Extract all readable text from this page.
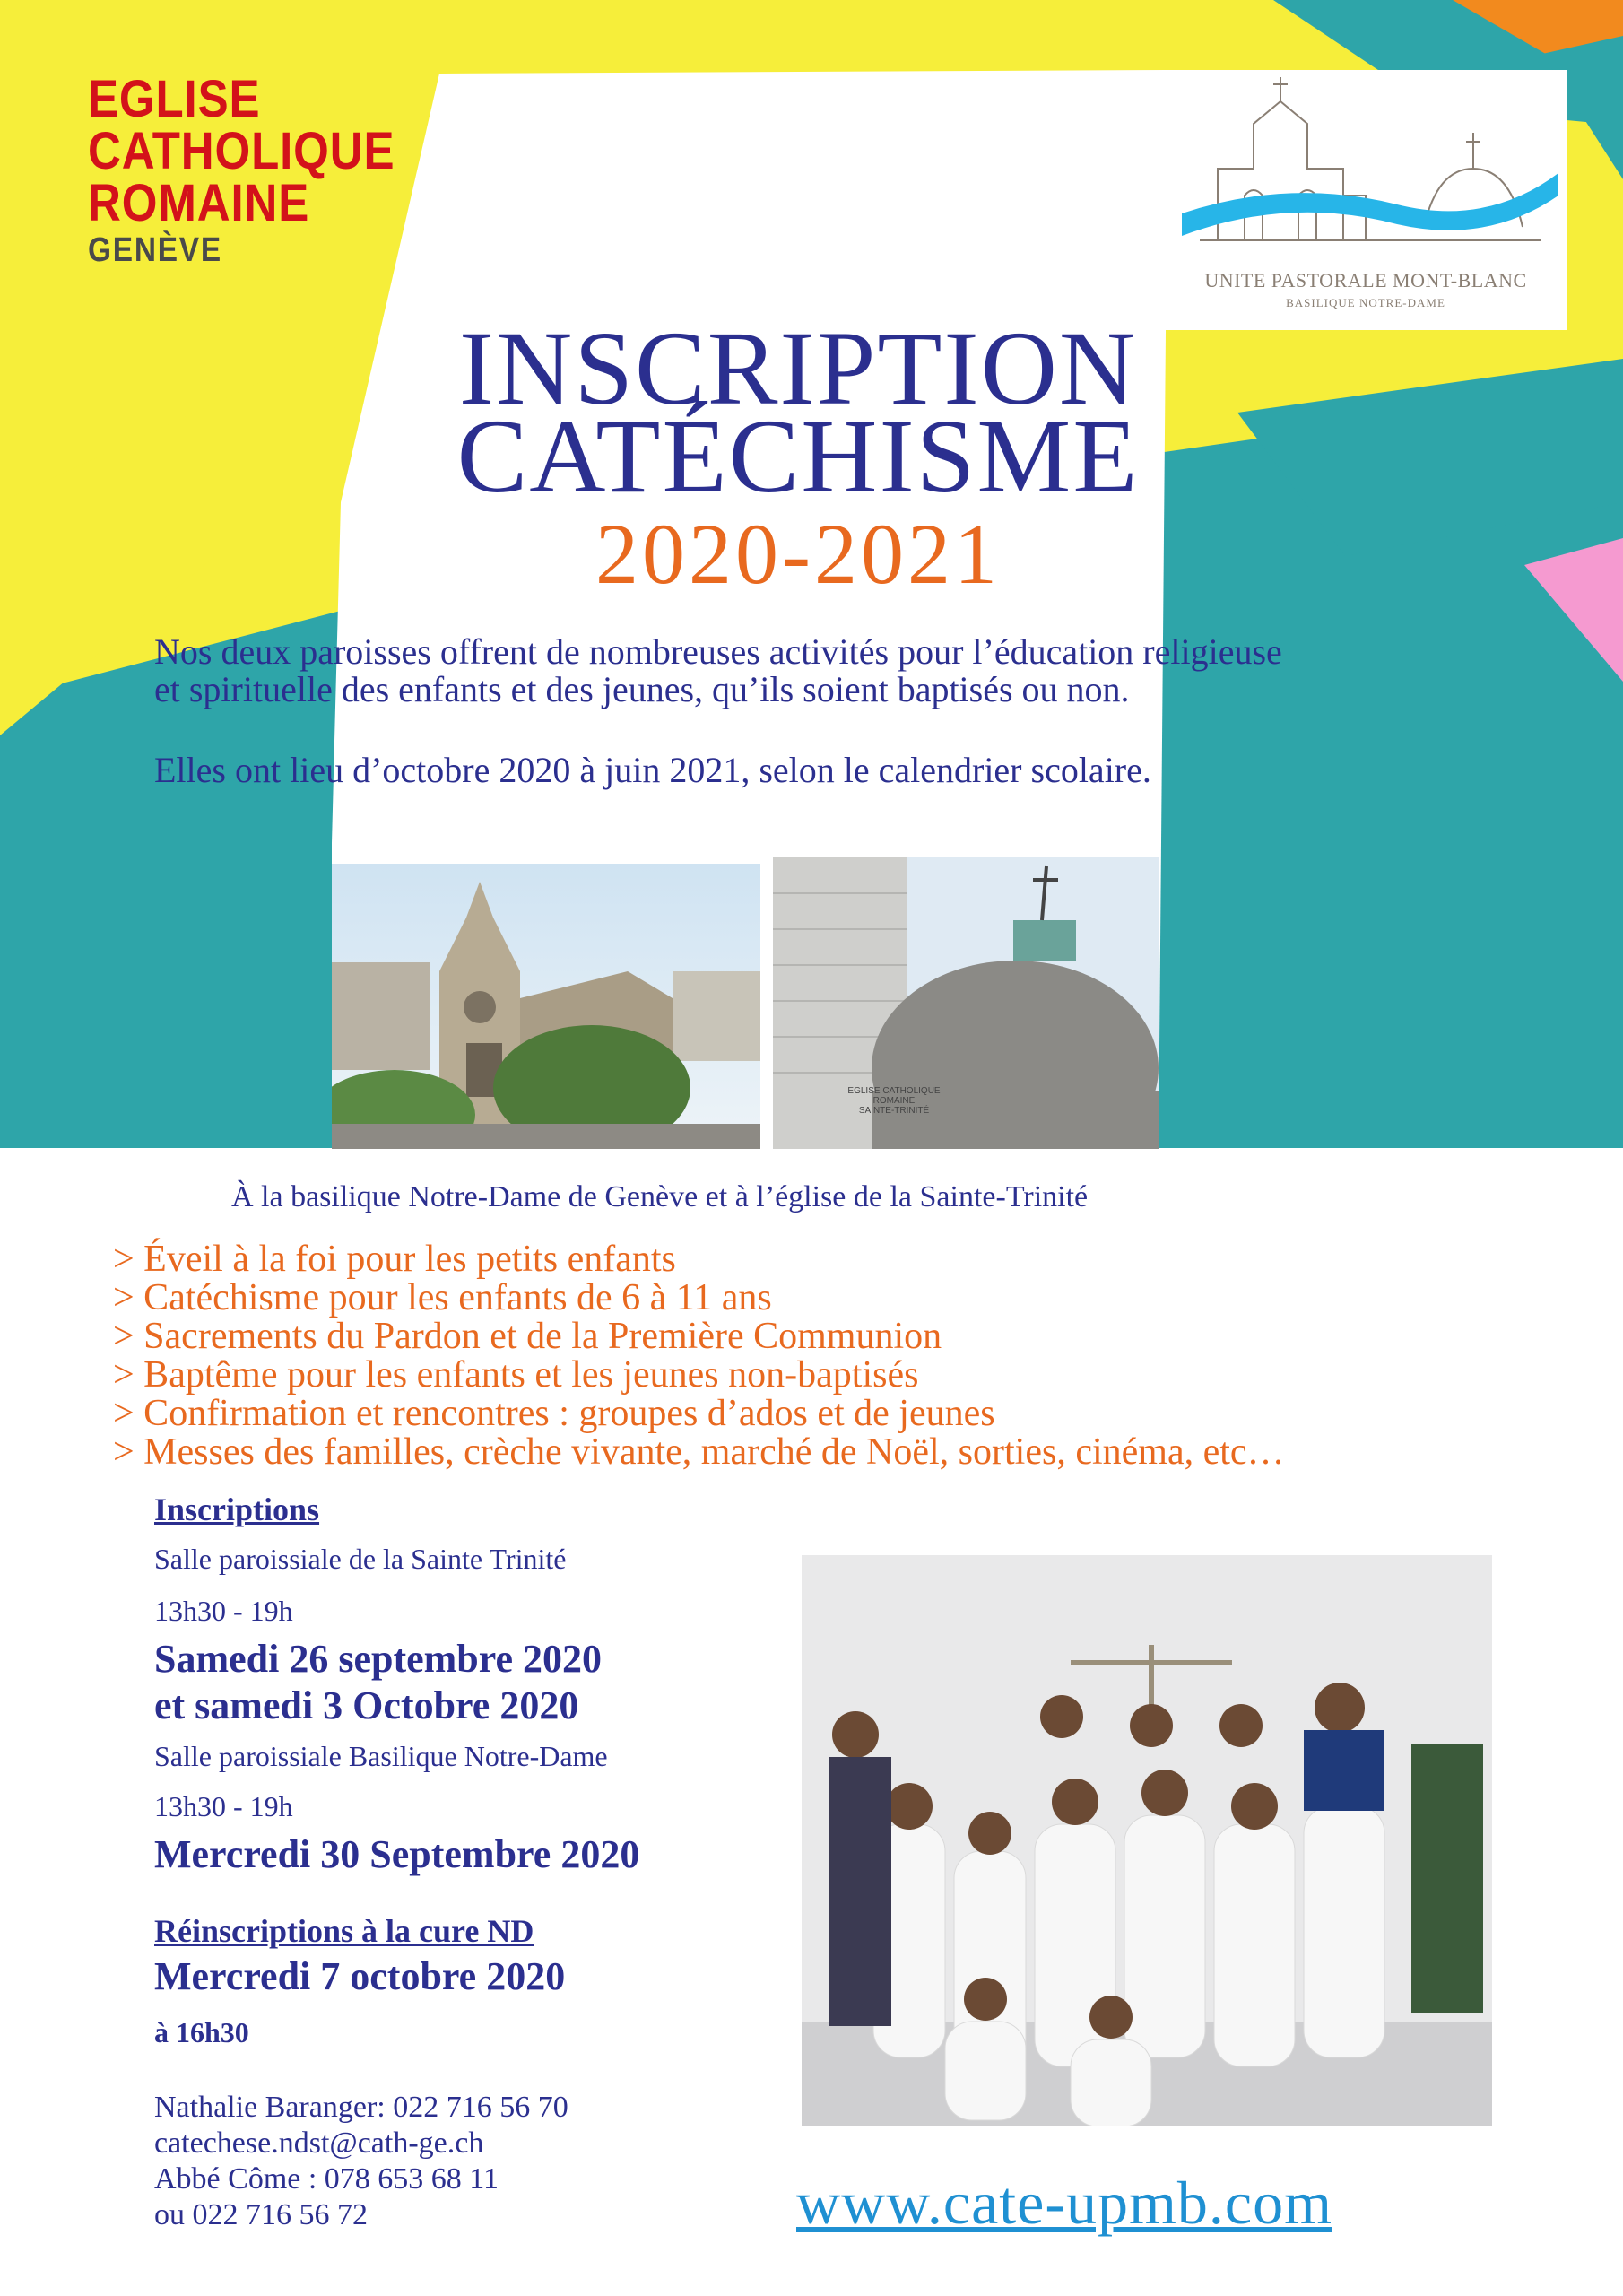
EGLISE
CATHOLIQUE
ROMAINE
GENÈVE
UNITE PASTORALE MONT-BLANC
BASILIQUE NOTRE-DAME
INSCRIPTION
CATÉCHISME
2020-2021
Nos deux paroisses offrent de nombreuses activités pour l’éducation religieuse
et spirituelle des enfants et des jeunes, qu’ils soient baptisés ou non.
Elles ont lieu d’octobre 2020 à juin 2021, selon le calendrier scolaire.
EGLISE CATHOLIQUE ROMAINE
SAINTE-TRINITÉ
À la basilique Notre-Dame de Genève et à l’église de la Sainte-Trinité
> Éveil à la foi pour les petits enfants
> Catéchisme pour les enfants de 6 à 11 ans
> Sacrements du Pardon et de la Première Communion
> Baptême pour les enfants et les jeunes non-baptisés
> Confirmation et rencontres : groupes d’ados et de jeunes
> Messes des familles, crèche vivante, marché de Noël, sorties, cinéma, etc…
Inscriptions
Salle paroissiale de la Sainte Trinité
13h30 - 19h
Samedi 26 septembre 2020
et samedi 3 Octobre 2020
Salle paroissiale Basilique Notre-Dame
13h30 - 19h
Mercredi 30 Septembre 2020
Réinscriptions à la cure ND
Mercredi 7 octobre 2020
à 16h30
Nathalie Baranger: 022 716 56 70
catechese.ndst@cath-ge.ch
Abbé Côme : 078 653 68 11
ou 022 716 56 72	www.cate-upmb.com
